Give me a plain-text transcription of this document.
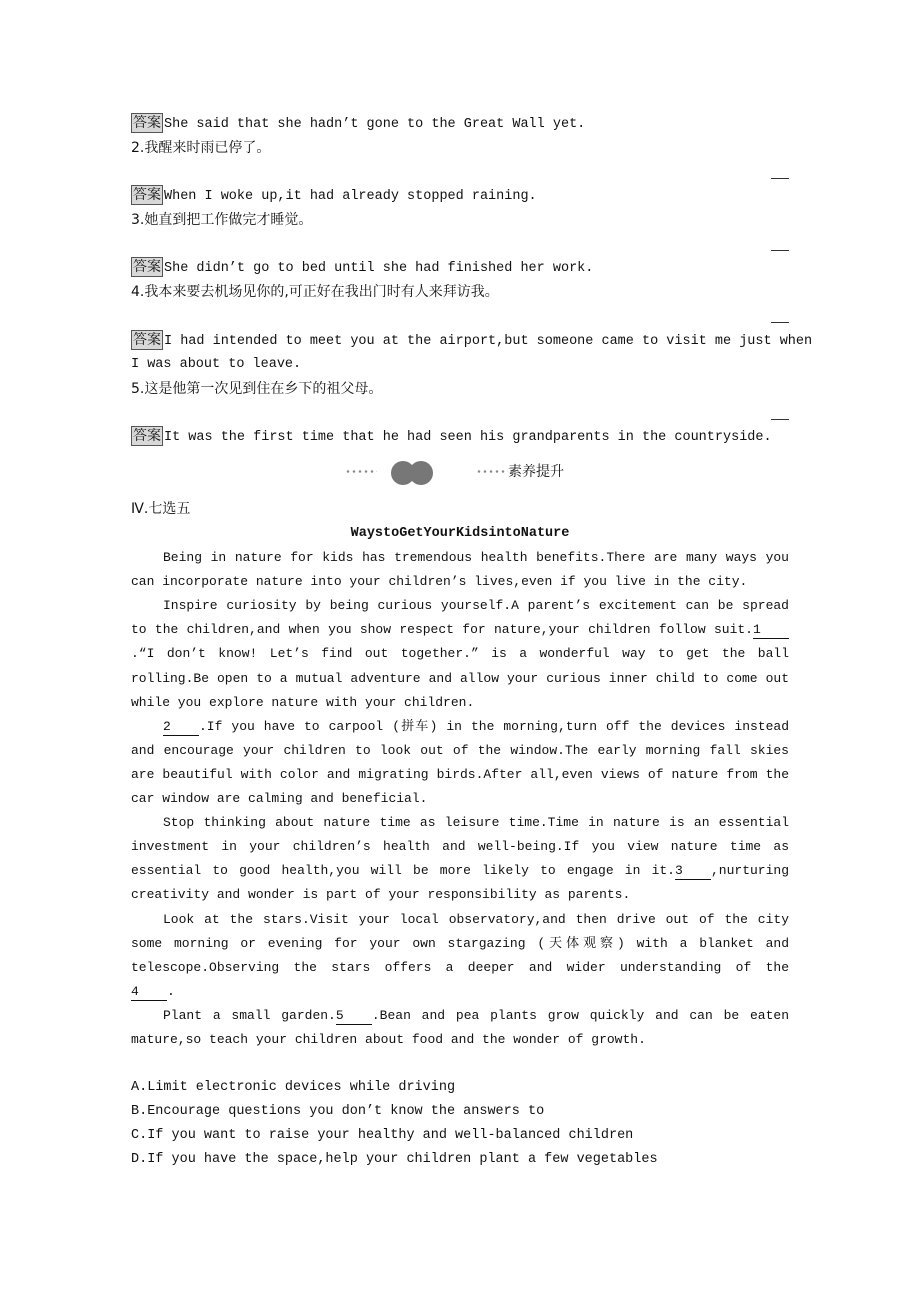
答案 She said that she hadn’t gone to the Great Wall yet.
2.我醒来时雨已停了。
答案 When I woke up,it had already stopped raining.
3.她直到把工作做完才睡觉。
答案 She didn’t go to bed until she had finished her work.
4.我本来要去机场见你的,可正好在我出门时有人来拜访我。
答案 I had intended to meet you at the airport,but someone came to visit me just when
I was about to leave.
5.这是他第一次见到住在乡下的祖父母。
答案 It was the first time that he had seen his grandparents in the countryside.
素养提升
Ⅳ.七选五
WaystoGetYourKidsintoNature
Being in nature for kids has tremendous health benefits.There are many ways you
can incorporate nature into your children’s lives,even if you live in the city.
Inspire curiosity by being curious yourself.A parent’s excitement can be spread
to the children,and when you show respect for nature,your children follow suit.1
.“I don’t know! Let’s find out together.” is a wonderful way to get the ball
rolling.Be open to a mutual adventure and allow your curious inner child to come out
while you explore nature with your children.
2 .If you have to carpool (拼车) in the morning,turn off the devices instead
and encourage your children to look out of the window.The early morning fall skies
are beautiful with color and migrating birds.After all,even views of nature from the
car window are calming and beneficial.
Stop thinking about nature time as leisure time.Time in nature is an essential
investment in your children’s health and well-being.If you view nature time as
essential to good health,you will be more likely to engage in it.3 ,nurturing
creativity and wonder is part of your responsibility as parents.
Look at the stars.Visit your local observatory,and then drive out of the city
some morning or evening for your own stargazing (天体观察) with a blanket and
telescope.Observing the stars offers a deeper and wider understanding of the
4 .
Plant a small garden.5 .Bean and pea plants grow quickly and can be eaten
mature,so teach your children about food and the wonder of growth.
A.Limit electronic devices while driving
B.Encourage questions you don’t know the answers to
C.If you want to raise your healthy and well-balanced children
D.If you have the space,help your children plant a few vegetables
